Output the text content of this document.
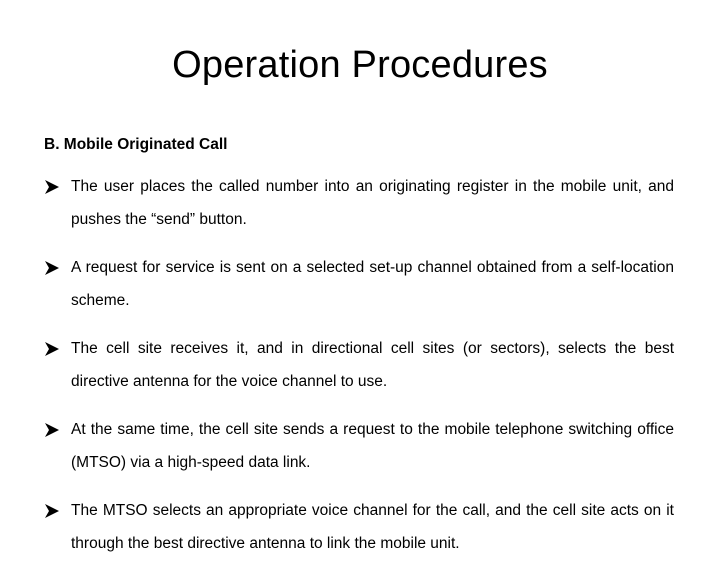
Operation Procedures

B. Mobile Originated Call

The user places the called number into an originating register in the mobile unit, and pushes the “send” button.
A request for service is sent on a selected set-up channel obtained from a self-location scheme.
The cell site receives it, and in directional cell sites (or sectors), selects the best directive antenna for the voice channel to use.
At the same time, the cell site sends a request to the mobile telephone switching office (MTSO) via a high-speed data link.
The MTSO selects an appropriate voice channel for the call, and the cell site acts on it through the best directive antenna to link the mobile unit.
